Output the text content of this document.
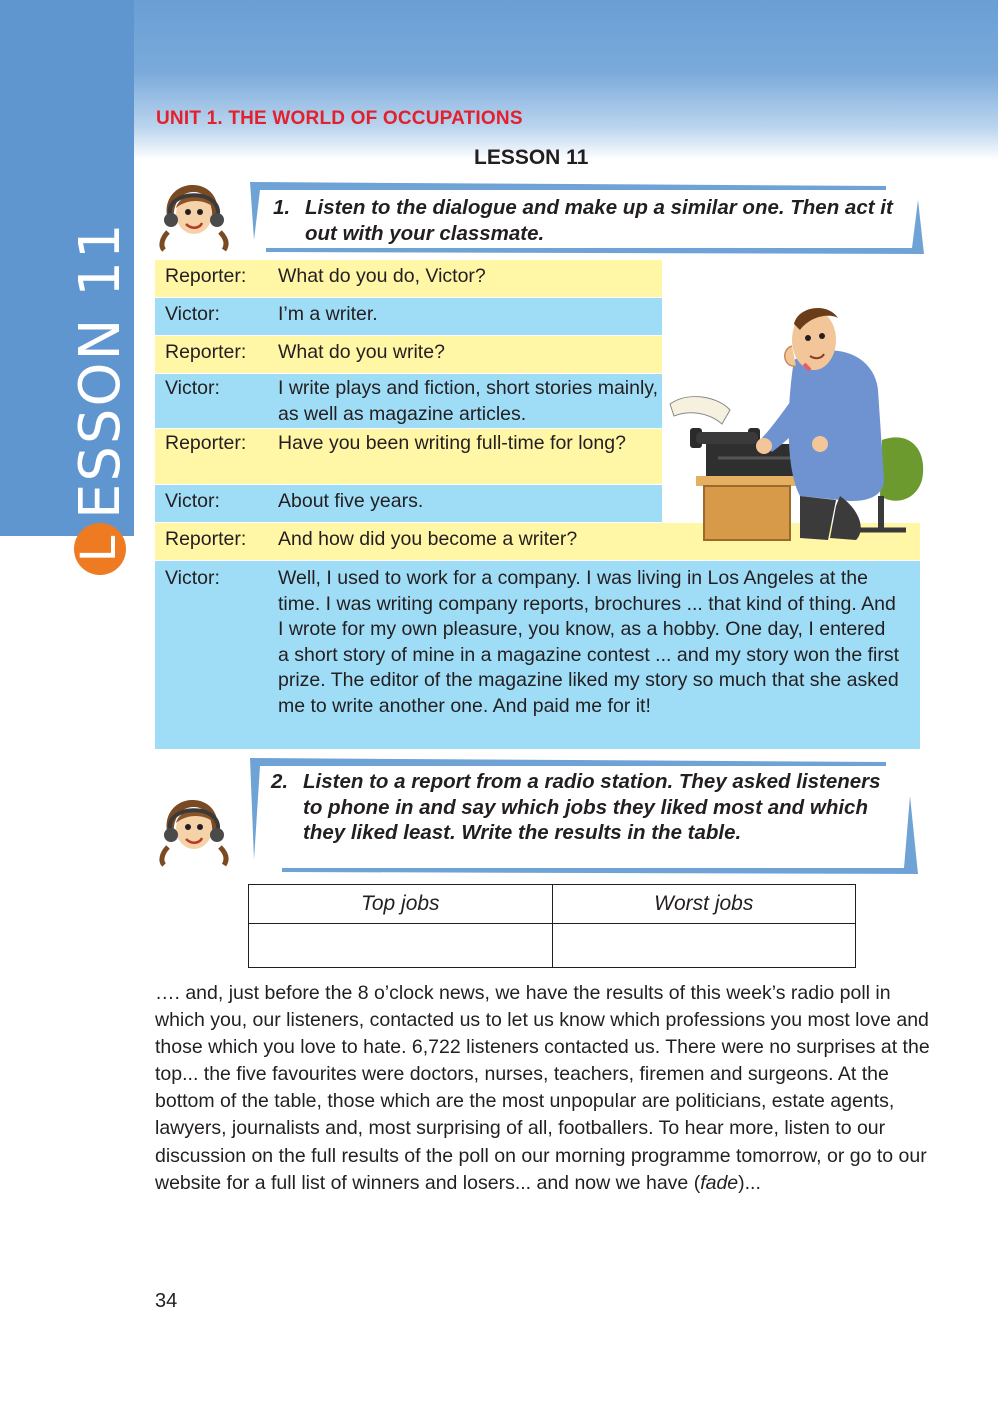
L
ESSON 11
UNIT 1. THE WORLD OF OCCUPATIONS
LESSON 11
1. Listen to the dialogue and make up a similar one. Then act it out with your classmate.
Reporter:	What do you do, Victor?
Victor:	I’m a writer.
Reporter:	What do you write?
Victor:	I write plays and fiction, short stories mainly, as well as magazine articles.
Reporter:	Have you been writing full-time for long?
Victor:	About five years.
Reporter:	And how did you become a writer?
Victor:	Well, I used to work for a company. I was living in Los Angeles at the time. I was writing company reports, brochures ... that kind of thing. And I wrote for my own pleasure, you know, as a hobby. One day, I entered a short story of mine in a magazine contest ... and my story won the first prize. The editor of the magazine liked my story so much that she asked me to write another one. And paid me for it!
2. Listen to a report from a radio station. They asked listeners to phone in and say which jobs they liked most and which they liked least. Write the results in the table.
Top jobs	Worst jobs
…. and, just before the 8 o’clock news, we have the results of this week’s radio poll in which you, our listeners, contacted us to let us know which professions you most love and those which you love to hate. 6,722 listeners contacted us. There were no surprises at the top... the five favourites were doctors, nurses, teachers, firemen and surgeons. At the bottom of the table, those which are the most unpopular are politicians, estate agents, lawyers, journalists and, most surprising of all, footballers. To hear more, listen to our discussion on the full results of the poll on our morning programme tomorrow, or go to our website for a full list of winners and losers... and now we have (fade)...
34
